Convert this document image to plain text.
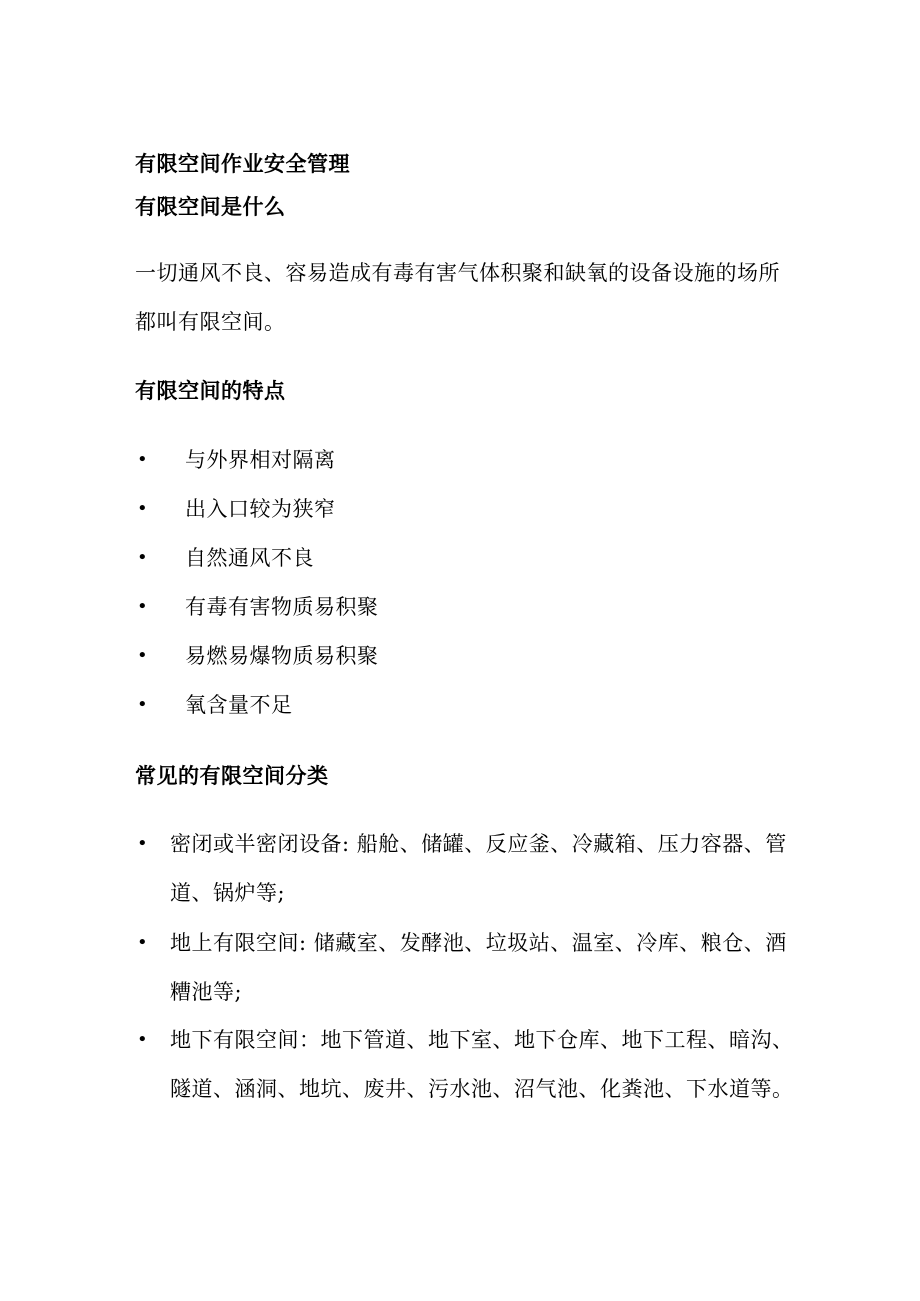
有限空间作业安全管理
有限空间是什么
一切通风不良、容易造成有毒有害气体积聚和缺氧的设备设施的场所
都叫有限空间。
有限空间的特点
• 与外界相对隔离
• 出入口较为狭窄
• 自然通风不良
• 有毒有害物质易积聚
• 易燃易爆物质易积聚
• 氧含量不足
常见的有限空间分类
• 密闭或半密闭设备: 船舱、储罐、反应釜、冷藏箱、压力容器、管
道、锅炉等;
• 地上有限空间: 储藏室、发酵池、垃圾站、温室、冷库、粮仓、酒
糟池等;
• 地下有限空间：地下管道、地下室、地下仓库、地下工程、暗沟、
隧道、涵洞、地坑、废井、污水池、沼气池、化粪池、下水道等。
